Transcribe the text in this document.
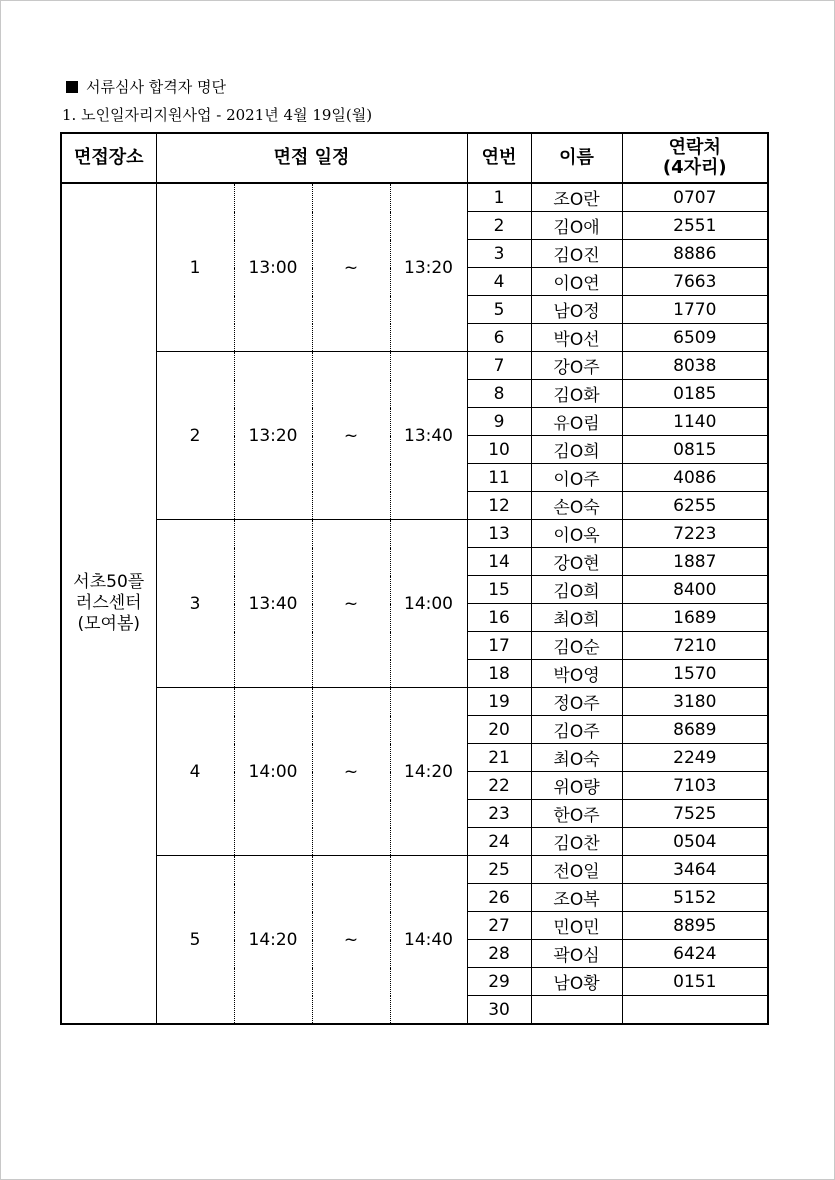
서류심사 합격자 명단
1. 노인일자리지원사업 - 2021년 4월 19일(월)
면접장소	면접 일정				연번	이름	연락처
(4자리)
서초50플
러스센터
(모여봄)	1	13:00	~	13:20	1	조O란	0707
					2	김O애	2551
					3	김O진	8886
					4	이O연	7663
					5	남O정	1770
					6	박O선	6509
	2	13:20	~	13:40	7	강O주	8038
					8	김O화	0185
					9	유O림	1140
					10	김O희	0815
					11	이O주	4086
					12	손O숙	6255
	3	13:40	~	14:00	13	이O옥	7223
					14	강O현	1887
					15	김O희	8400
					16	최O희	1689
					17	김O순	7210
					18	박O영	1570
	4	14:00	~	14:20	19	정O주	3180
					20	김O주	8689
					21	최O숙	2249
					22	위O량	7103
					23	한O주	7525
					24	김O찬	0504
	5	14:20	~	14:40	25	전O일	3464
					26	조O복	5152
					27	민O민	8895
					28	곽O심	6424
					29	남O황	0151
					30		
